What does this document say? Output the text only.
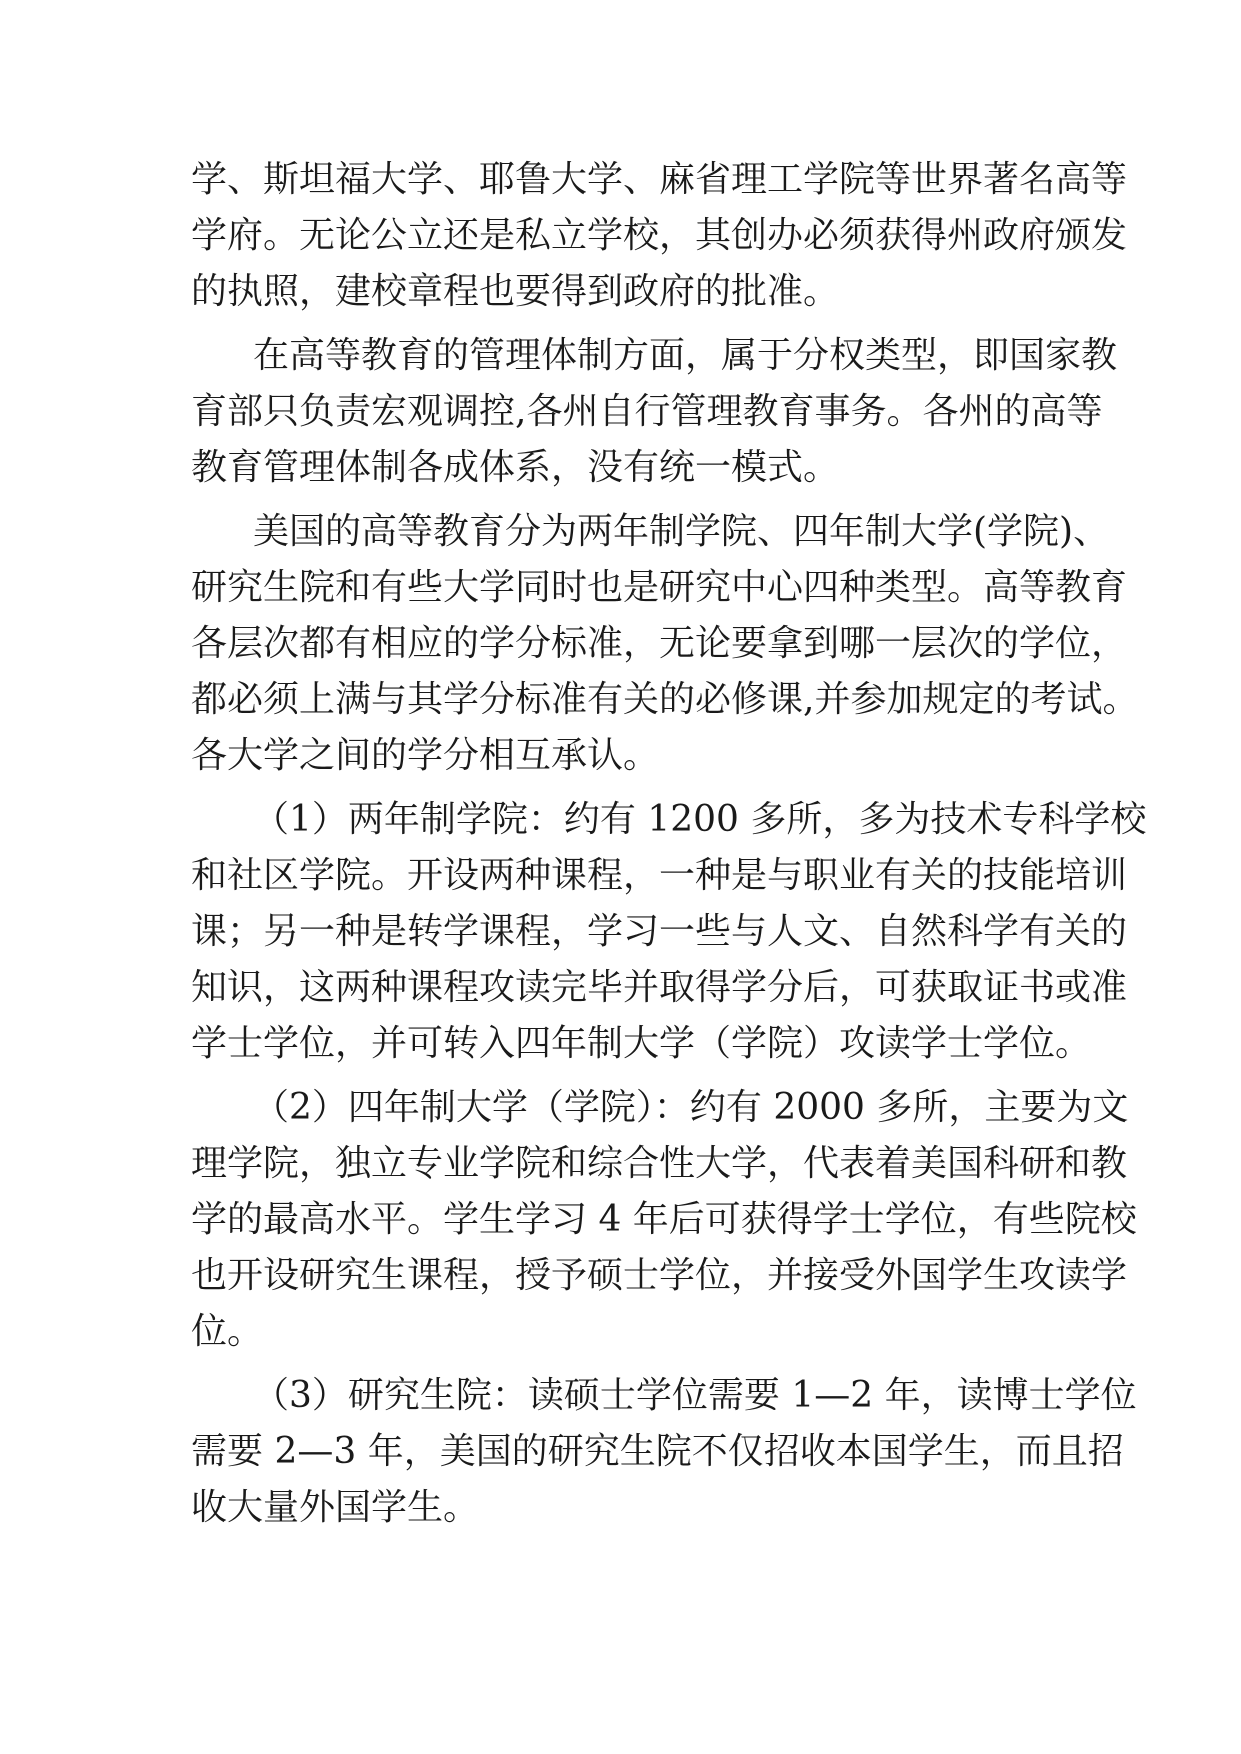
学、斯坦福大学、耶鲁大学、麻省理工学院等世界著名高等
学府。无论公立还是私立学校，其创办必须获得州政府颁发
的执照，建校章程也要得到政府的批准。
在高等教育的管理体制方面，属于分权类型，即国家教
育部只负责宏观调控,各州自行管理教育事务。各州的高等
教育管理体制各成体系，没有统一模式。
美国的高等教育分为两年制学院、四年制大学(学院)、
研究生院和有些大学同时也是研究中心四种类型。高等教育
各层次都有相应的学分标准，无论要拿到哪一层次的学位，
都必须上满与其学分标准有关的必修课,并参加规定的考试。
各大学之间的学分相互承认。
（1）两年制学院：约有 1200 多所，多为技术专科学校
和社区学院。开设两种课程，一种是与职业有关的技能培训
课；另一种是转学课程，学习一些与人文、自然科学有关的
知识，这两种课程攻读完毕并取得学分后，可获取证书或准
学士学位，并可转入四年制大学（学院）攻读学士学位。
（2）四年制大学（学院）：约有 2000 多所，主要为文
理学院，独立专业学院和综合性大学，代表着美国科研和教
学的最高水平。学生学习 4 年后可获得学士学位，有些院校
也开设研究生课程，授予硕士学位，并接受外国学生攻读学
位。
（3）研究生院：读硕士学位需要 1—2 年，读博士学位
需要 2—3 年，美国的研究生院不仅招收本国学生，而且招
收大量外国学生。
